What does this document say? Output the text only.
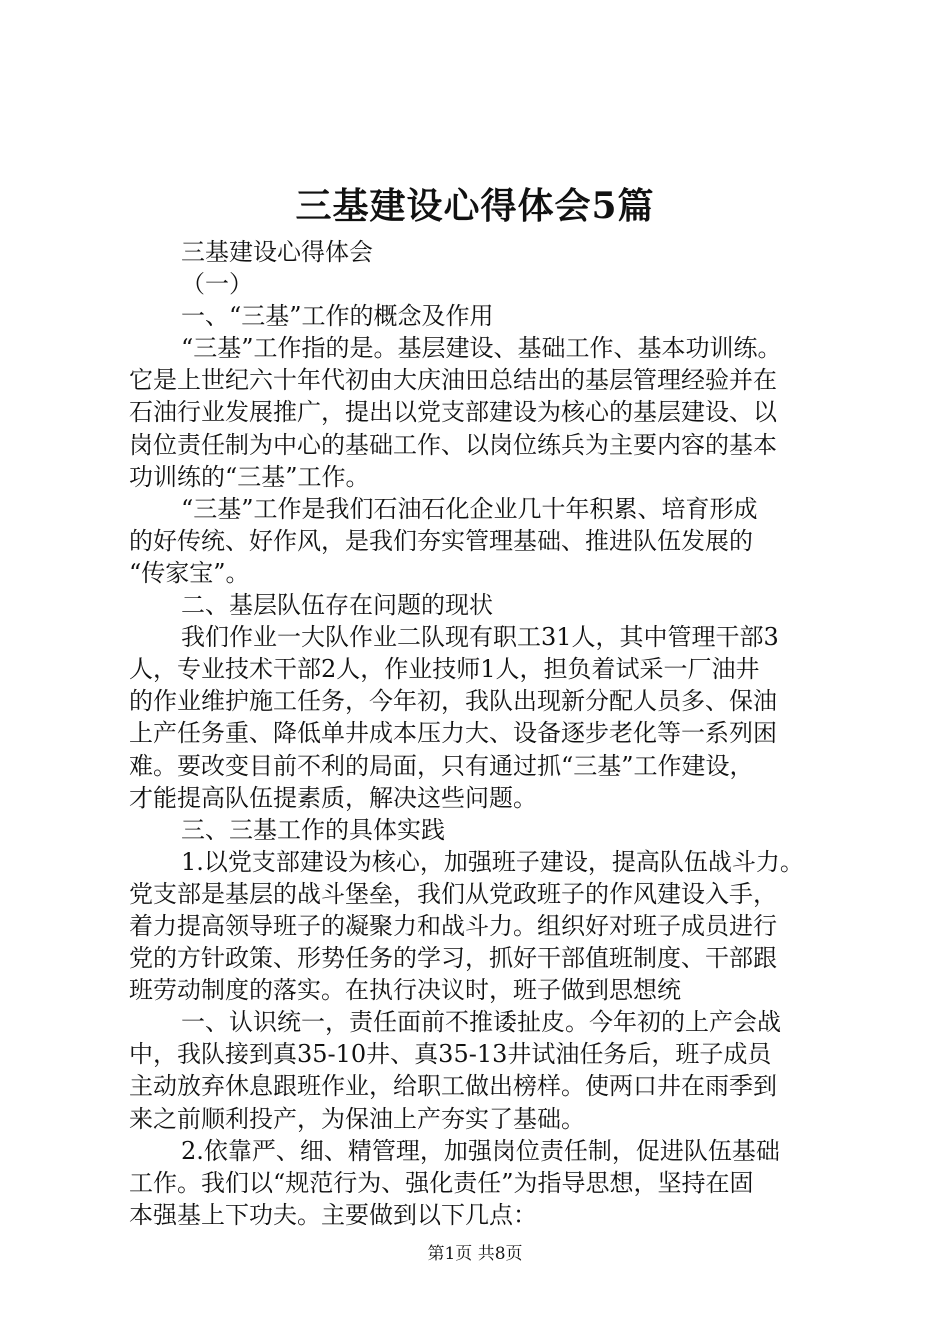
三基建设心得体会5篇
三基建设心得体会
（一）
一、“三基”工作的概念及作用
“三基”工作指的是。基层建设、基础工作、基本功训练。
它是上世纪六十年代初由大庆油田总结出的基层管理经验并在
石油行业发展推广，提出以党支部建设为核心的基层建设、以
岗位责任制为中心的基础工作、以岗位练兵为主要内容的基本
功训练的“三基”工作。
“三基”工作是我们石油石化企业几十年积累、培育形成
的好传统、好作风，是我们夯实管理基础、推进队伍发展的
“传家宝”。
二、基层队伍存在问题的现状
我们作业一大队作业二队现有职工31人，其中管理干部3
人，专业技术干部2人，作业技师1人，担负着试采一厂油井
的作业维护施工任务，今年初，我队出现新分配人员多、保油
上产任务重、降低单井成本压力大、设备逐步老化等一系列困
难。要改变目前不利的局面，只有通过抓“三基”工作建设，
才能提高队伍提素质，解决这些问题。
三、三基工作的具体实践
1.以党支部建设为核心，加强班子建设，提高队伍战斗力。
党支部是基层的战斗堡垒，我们从党政班子的作风建设入手，
着力提高领导班子的凝聚力和战斗力。组织好对班子成员进行
党的方针政策、形势任务的学习，抓好干部值班制度、干部跟
班劳动制度的落实。在执行决议时，班子做到思想统
一、认识统一，责任面前不推诿扯皮。今年初的上产会战
中，我队接到真35-10井、真35-13井试油任务后，班子成员
主动放弃休息跟班作业，给职工做出榜样。使两口井在雨季到
来之前顺利投产，为保油上产夯实了基础。
2.依靠严、细、精管理，加强岗位责任制，促进队伍基础
工作。我们以“规范行为、强化责任”为指导思想，坚持在固
本强基上下功夫。主要做到以下几点：
第1页 共8页
